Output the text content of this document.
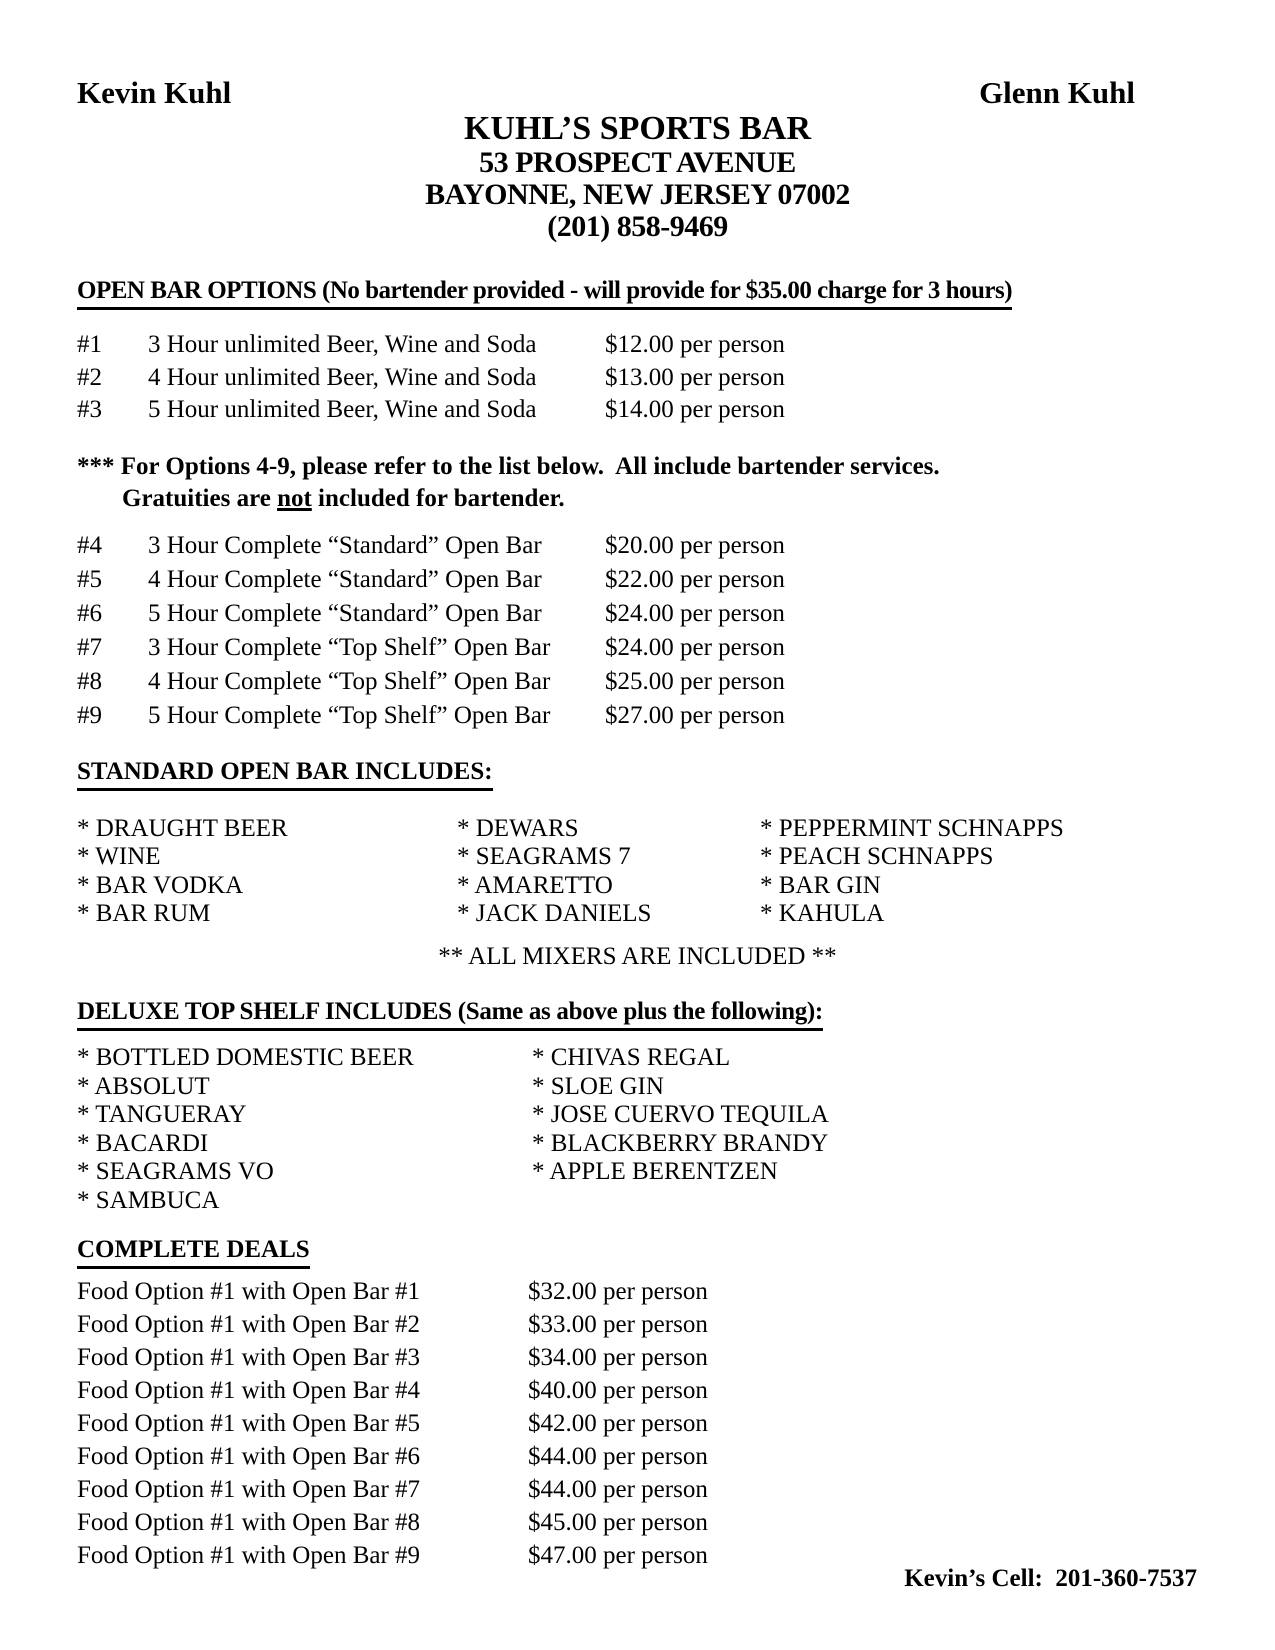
Kevin Kuhl	Glenn Kuhl
KUHL’S SPORTS BAR
53 PROSPECT AVENUE
BAYONNE, NEW JERSEY 07002
(201) 858-9469
OPEN BAR OPTIONS (No bartender provided - will provide for $35.00 charge for 3 hours)
#1	3 Hour unlimited Beer, Wine and Soda	$12.00 per person
#2	4 Hour unlimited Beer, Wine and Soda	$13.00 per person
#3	5 Hour unlimited Beer, Wine and Soda	$14.00 per person
*** For Options 4-9, please refer to the list below.  All include bartender services.
Gratuities are not included for bartender.
#4	3 Hour Complete “Standard” Open Bar	$20.00 per person
#5	4 Hour Complete “Standard” Open Bar	$22.00 per person
#6	5 Hour Complete “Standard” Open Bar	$24.00 per person
#7	3 Hour Complete “Top Shelf” Open Bar	$24.00 per person
#8	4 Hour Complete “Top Shelf” Open Bar	$25.00 per person
#9	5 Hour Complete “Top Shelf” Open Bar	$27.00 per person
STANDARD OPEN BAR INCLUDES:
* DRAUGHT BEER	* DEWARS	* PEPPERMINT SCHNAPPS
* WINE	* SEAGRAMS 7	* PEACH SCHNAPPS
* BAR VODKA	* AMARETTO	* BAR GIN
* BAR RUM	* JACK DANIELS	* KAHULA
** ALL MIXERS ARE INCLUDED **
DELUXE TOP SHELF INCLUDES (Same as above plus the following):
* BOTTLED DOMESTIC BEER	* CHIVAS REGAL
* ABSOLUT	* SLOE GIN
* TANGUERAY	* JOSE CUERVO TEQUILA
* BACARDI	* BLACKBERRY BRANDY
* SEAGRAMS VO	* APPLE BERENTZEN
* SAMBUCA
COMPLETE DEALS
Food Option #1 with Open Bar #1	$32.00 per person
Food Option #1 with Open Bar #2	$33.00 per person
Food Option #1 with Open Bar #3	$34.00 per person
Food Option #1 with Open Bar #4	$40.00 per person
Food Option #1 with Open Bar #5	$42.00 per person
Food Option #1 with Open Bar #6	$44.00 per person
Food Option #1 with Open Bar #7	$44.00 per person
Food Option #1 with Open Bar #8	$45.00 per person
Food Option #1 with Open Bar #9	$47.00 per person
Kevin’s Cell:  201-360-7537
